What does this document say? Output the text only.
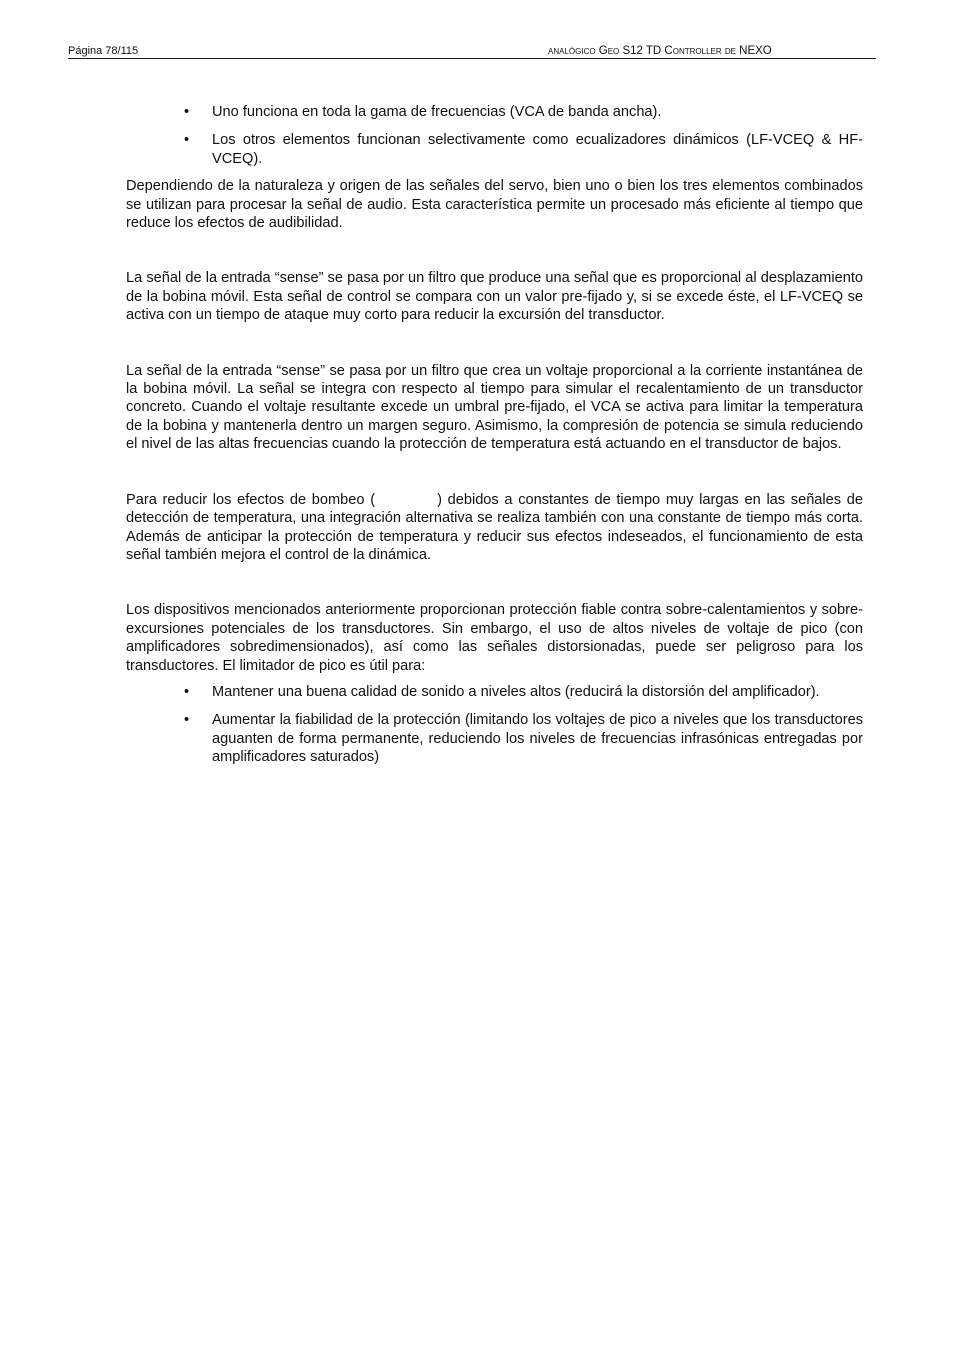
Página 78/115	analógico Geo S12 TD Controller de NEXO
• Uno funciona en toda la gama de frecuencias (VCA de banda ancha).
• Los otros elementos funcionan selectivamente como ecualizadores dinámicos (LF-VCEQ & HF-VCEQ).

Dependiendo de la naturaleza y origen de las señales del servo, bien uno o bien los tres elementos combinados se utilizan para procesar la señal de audio. Esta característica permite un procesado más eficiente al tiempo que reduce los efectos de audibilidad.

La señal de la entrada “sense” se pasa por un filtro que produce una señal que es proporcional al desplazamiento de la bobina móvil. Esta señal de control se compara con un valor pre-fijado y, si se excede éste, el LF-VCEQ se activa con un tiempo de ataque muy corto para reducir la excursión del transductor.

La señal de la entrada “sense” se pasa por un filtro que crea un voltaje proporcional a la corriente instantánea de la bobina móvil. La señal se integra con respecto al tiempo para simular el recalentamiento de un transductor concreto. Cuando el voltaje resultante excede un umbral pre-fijado, el VCA se activa para limitar la temperatura de la bobina y mantenerla dentro un margen seguro. Asimismo, la compresión de potencia se simula reduciendo el nivel de las altas frecuencias cuando la protección de temperatura está actuando en el transductor de bajos.

Para reducir los efectos de bombeo (	) debidos a constantes de tiempo muy largas en las señales de detección de temperatura, una integración alternativa se realiza también con una constante de tiempo más corta. Además de anticipar la protección de temperatura y reducir sus efectos indeseados, el funcionamiento de esta señal también mejora el control de la dinámica.

Los dispositivos mencionados anteriormente proporcionan protección fiable contra sobre-calentamientos y sobre-excursiones potenciales de los transductores. Sin embargo, el uso de altos niveles de voltaje de pico (con amplificadores sobredimensionados), así como las señales distorsionadas, puede ser peligroso para los transductores. El limitador de pico es útil para:

• Mantener una buena calidad de sonido a niveles altos (reducirá la distorsión del amplificador).
• Aumentar la fiabilidad de la protección (limitando los voltajes de pico a niveles que los transductores aguanten de forma permanente, reduciendo los niveles de frecuencias infrasónicas entregadas por amplificadores saturados)
